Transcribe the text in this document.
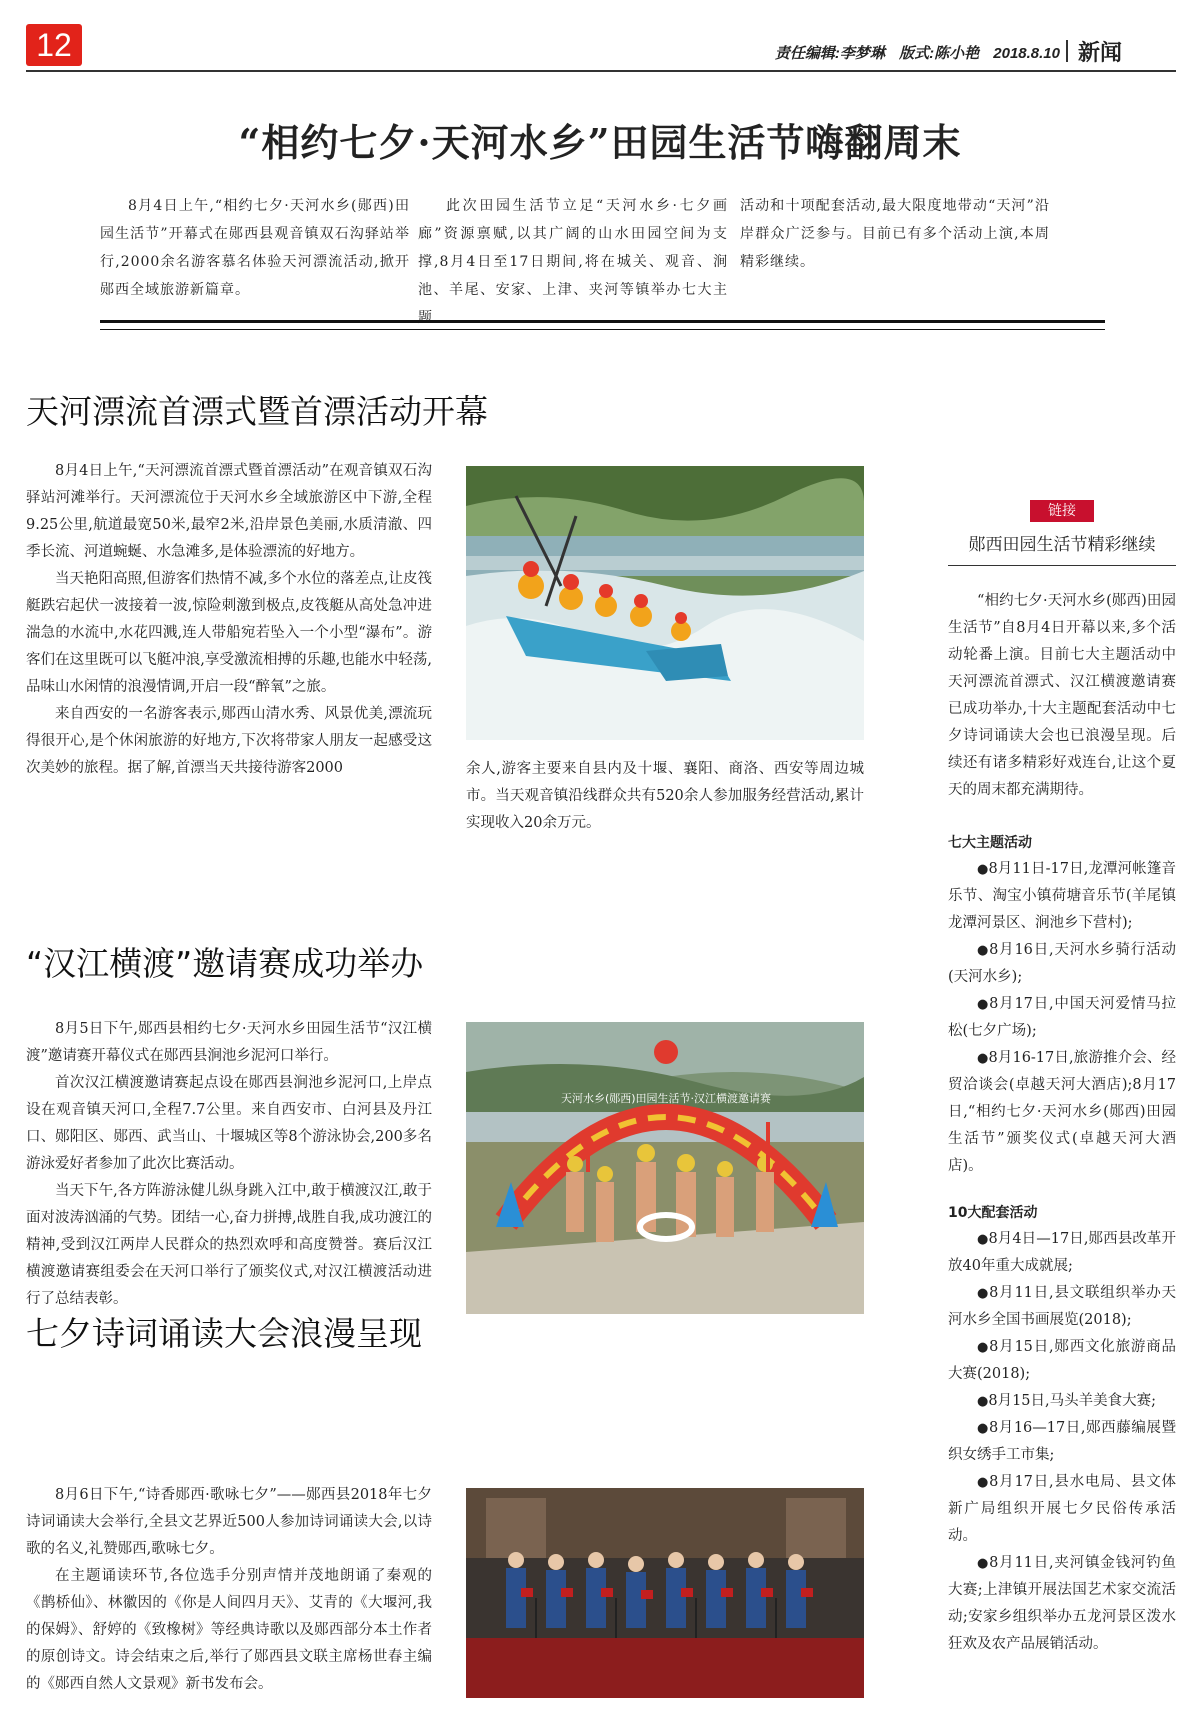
12	责任编辑:李梦琳 版式:陈小艳 2018.8.10 新闻
“相约七夕·天河水乡”田园生活节嗨翻周末
8月4日上午,“相约七夕·天河水乡(郧西)田园生活节”开幕式在郧西县观音镇双石沟驿站举行,2000余名游客慕名体验天河漂流活动,掀开郧西全域旅游新篇章。
此次田园生活节立足“天河水乡·七夕画廊”资源禀赋,以其广阔的山水田园空间为支撑,8月4日至17日期间,将在城关、观音、涧池、羊尾、安家、上津、夹河等镇举办七大主题
活动和十项配套活动,最大限度地带动“天河”沿岸群众广泛参与。目前已有多个活动上演,本周精彩继续。
天河漂流首漂式暨首漂活动开幕

8月4日上午,“天河漂流首漂式暨首漂活动”在观音镇双石沟驿站河滩举行。天河漂流位于天河水乡全域旅游区中下游,全程9.25公里,航道最宽50米,最窄2米,沿岸景色美丽,水质清澈、四季长流、河道蜿蜒、水急滩多,是体验漂流的好地方。

当天艳阳高照,但游客们热情不减,多个水位的落差点,让皮筏艇跌宕起伏一波接着一波,惊险刺激到极点,皮筏艇从高处急冲进湍急的水流中,水花四溅,连人带船宛若坠入一个小型“瀑布”。游客们在这里既可以飞艇冲浪,享受激流相搏的乐趣,也能水中轻荡,品味山水闲情的浪漫情调,开启一段“醉氧”之旅。

来自西安的一名游客表示,郧西山清水秀、风景优美,漂流玩得很开心,是个休闲旅游的好地方,下次将带家人朋友一起感受这次美妙的旅程。据了解,首漂当天共接待游客2000	余人,游客主要来自县内及十堰、襄阳、商洛、西安等周边城市。当天观音镇沿线群众共有520余人参加服务经营活动,累计实现收入20余万元。
“汉江横渡”邀请赛成功举办

8月5日下午,郧西县相约七夕·天河水乡田园生活节“汉江横渡”邀请赛开幕仪式在郧西县涧池乡泥河口举行。

首次汉江横渡邀请赛起点设在郧西县涧池乡泥河口,上岸点设在观音镇天河口,全程7.7公里。来自西安市、白河县及丹江口、郧阳区、郧西、武当山、十堰城区等8个游泳协会,200多名游泳爱好者参加了此次比赛活动。

当天下午,各方阵游泳健儿纵身跳入江中,敢于横渡汉江,敢于面对波涛汹涌的气势。团结一心,奋力拼搏,战胜自我,成功渡江的精神,受到汉江两岸人民群众的热烈欢呼和高度赞誉。赛后汉江横渡邀请赛组委会在天河口举行了颁奖仪式,对汉江横渡活动进行了总结表彰。

天河水乡(郧西)田园生活节·汉江横渡邀请赛
七夕诗词诵读大会浪漫呈现

8月6日下午,“诗香郧西·歌咏七夕”——郧西县2018年七夕诗词诵读大会举行,全县文艺界近500人参加诗词诵读大会,以诗歌的名义,礼赞郧西,歌咏七夕。

在主题诵读环节,各位选手分别声情并茂地朗诵了秦观的《鹊桥仙》、林徽因的《你是人间四月天》、艾青的《大堰河,我的保姆》、舒婷的《致橡树》等经典诗歌以及郧西部分本土作者的原创诗文。诗会结束之后,举行了郧西县文联主席杨世春主编的《郧西自然人文景观》新书发布会。

链接
郧西田园生活节精彩继续

“相约七夕·天河水乡(郧西)田园生活节”自8月4日开幕以来,多个活动轮番上演。目前七大主题活动中天河漂流首漂式、汉江横渡邀请赛已成功举办,十大主题配套活动中七夕诗词诵读大会也已浪漫呈现。后续还有诸多精彩好戏连台,让这个夏天的周末都充满期待。

七大主题活动
●8月11日-17日,龙潭河帐篷音乐节、淘宝小镇荷塘音乐节(羊尾镇龙潭河景区、涧池乡下营村);
●8月16日,天河水乡骑行活动(天河水乡);
●8月17日,中国天河爱情马拉松(七夕广场);
●8月16-17日,旅游推介会、经贸洽谈会(卓越天河大酒店);8月17日,“相约七夕·天河水乡(郧西)田园生活节”颁奖仪式(卓越天河大酒店)。
10大配套活动
●8月4日—17日,郧西县改革开放40年重大成就展;
●8月11日,县文联组织举办天河水乡全国书画展览(2018);
●8月15日,郧西文化旅游商品大赛(2018);
●8月15日,马头羊美食大赛;
●8月16—17日,郧西藤编展暨织女绣手工市集;
●8月17日,县水电局、县文体新广局组织开展七夕民俗传承活动。
●8月11日,夹河镇金钱河钓鱼大赛;上津镇开展法国艺术家交流活动;安家乡组织举办五龙河景区泼水狂欢及农产品展销活动。
